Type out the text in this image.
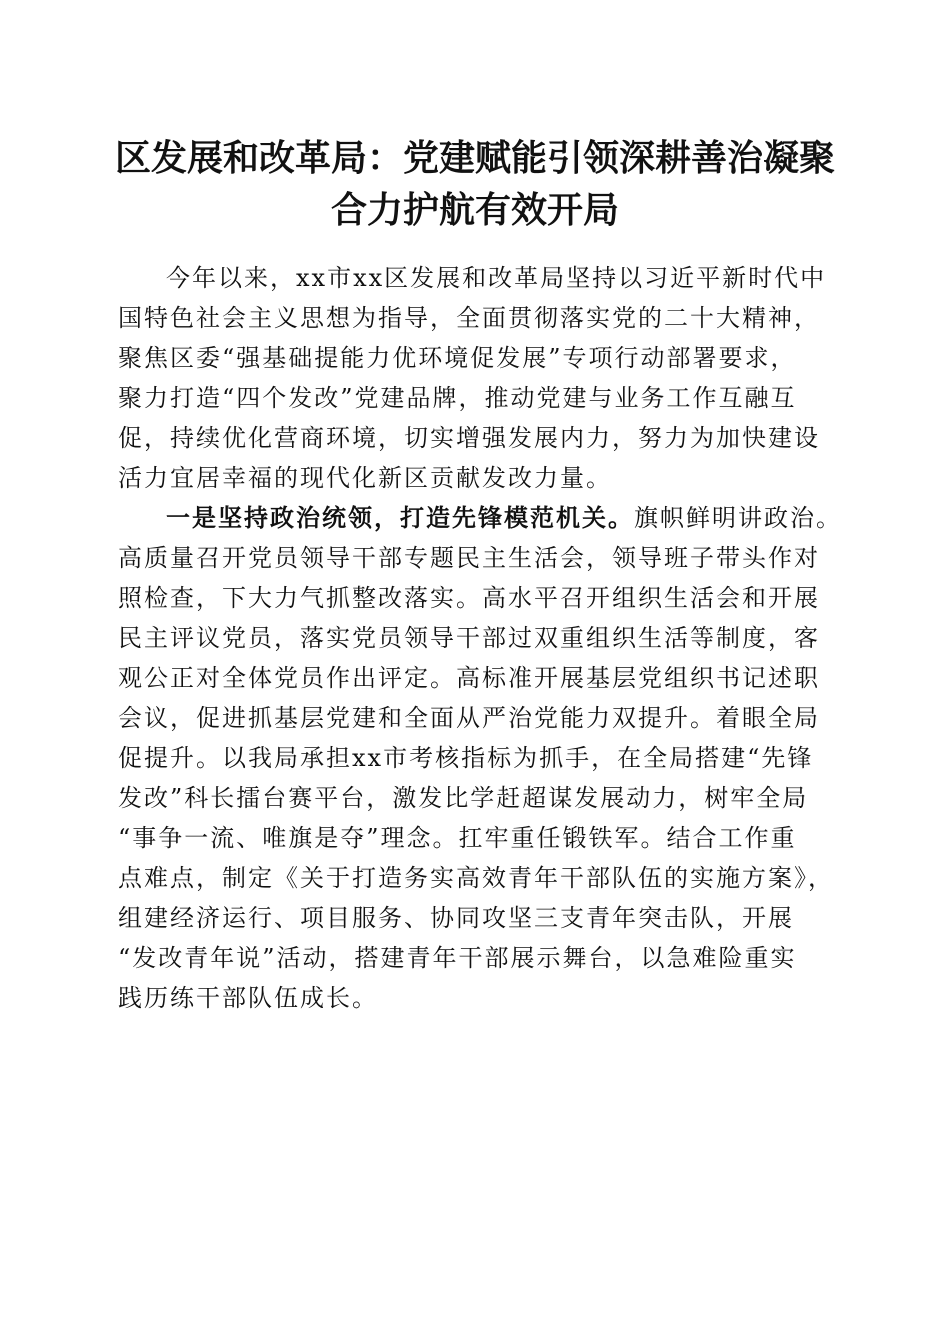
区发展和改革局：党建赋能引领深耕善治凝聚
合力护航有效开局

今年以来，xx市xx区发展和改革局坚持以习近平新时代中
国特色社会主义思想为指导，全面贯彻落实党的二十大精神，
聚焦区委“强基础提能力优环境促发展”专项行动部署要求，
聚力打造“四个发改”党建品牌，推动党建与业务工作互融互
促，持续优化营商环境，切实增强发展内力，努力为加快建设
活力宜居幸福的现代化新区贡献发改力量。

一是坚持政治统领，打造先锋模范机关。旗帜鲜明讲政治。
高质量召开党员领导干部专题民主生活会，领导班子带头作对
照检查，下大力气抓整改落实。高水平召开组织生活会和开展
民主评议党员，落实党员领导干部过双重组织生活等制度，客
观公正对全体党员作出评定。高标准开展基层党组织书记述职
会议，促进抓基层党建和全面从严治党能力双提升。着眼全局
促提升。以我局承担xx市考核指标为抓手，在全局搭建“先锋
发改”科长擂台赛平台，激发比学赶超谋发展动力，树牢全局
“事争一流、唯旗是夺”理念。扛牢重任锻铁军。结合工作重
点难点，制定《关于打造务实高效青年干部队伍的实施方案》，
组建经济运行、项目服务、协同攻坚三支青年突击队，开展
“发改青年说”活动，搭建青年干部展示舞台，以急难险重实
践历练干部队伍成长。
